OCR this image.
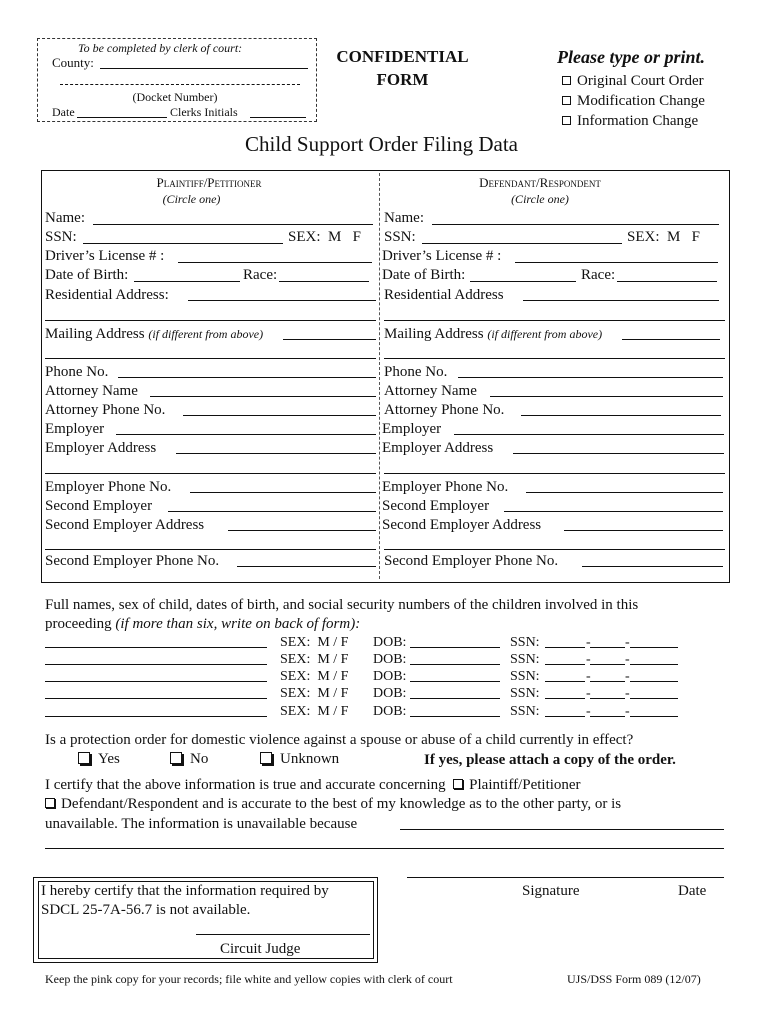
To be completed by clerk of court:
County:
(Docket Number)
Date	Clerks Initials
CONFIDENTIAL
FORM
Please type or print.
Original Court Order
Modification Change
Information Change
Child Support Order Filing Data
Plaintiff/Petitioner
(Circle one)
Name:
SSN:	SEX:  M   F
Driver’s License # :
Date of Birth:	Race:
Residential Address:
Mailing Address (if different from above)
Phone No.
Attorney Name
Attorney Phone No.
Employer
Employer Address
Employer Phone No.
Second Employer
Second Employer Address
Second Employer Phone No.
Defendant/Respondent
(Circle one)
Name:
SSN:	SEX:  M   F
Driver’s License # :
Date of Birth:	Race:
Residential Address
Mailing Address (if different from above)
Phone No.
Attorney Name
Attorney Phone No.
Employer
Employer Address
Employer Phone No.
Second Employer
Second Employer Address
Second Employer Phone No.
Full names, sex of child, dates of birth, and social security numbers of the children involved in this
proceeding (if more than six, write on back of form):
SEX:  M / F DOB:	SSN:	- -
SEX:  M / F DOB:	SSN:	- -
SEX:  M / F DOB:	SSN:	- -
SEX:  M / F DOB:	SSN:	- -
SEX:  M / F DOB:	SSN:	- -
Is a protection order for domestic violence against a spouse or abuse of a child currently in effect?
Yes	No	Unknown	If yes, please attach a copy of the order.
I certify that the above information is true and accurate concerning Plaintiff/Petitioner
Defendant/Respondent and is accurate to the best of my knowledge as to the other party, or is
unavailable. The information is unavailable because
I hereby certify that the information required by
SDCL 25-7A-56.7 is not available.
Circuit Judge
Signature	Date
Keep the pink copy for your records; file white and yellow copies with clerk of court	UJS/DSS Form 089 (12/07)
